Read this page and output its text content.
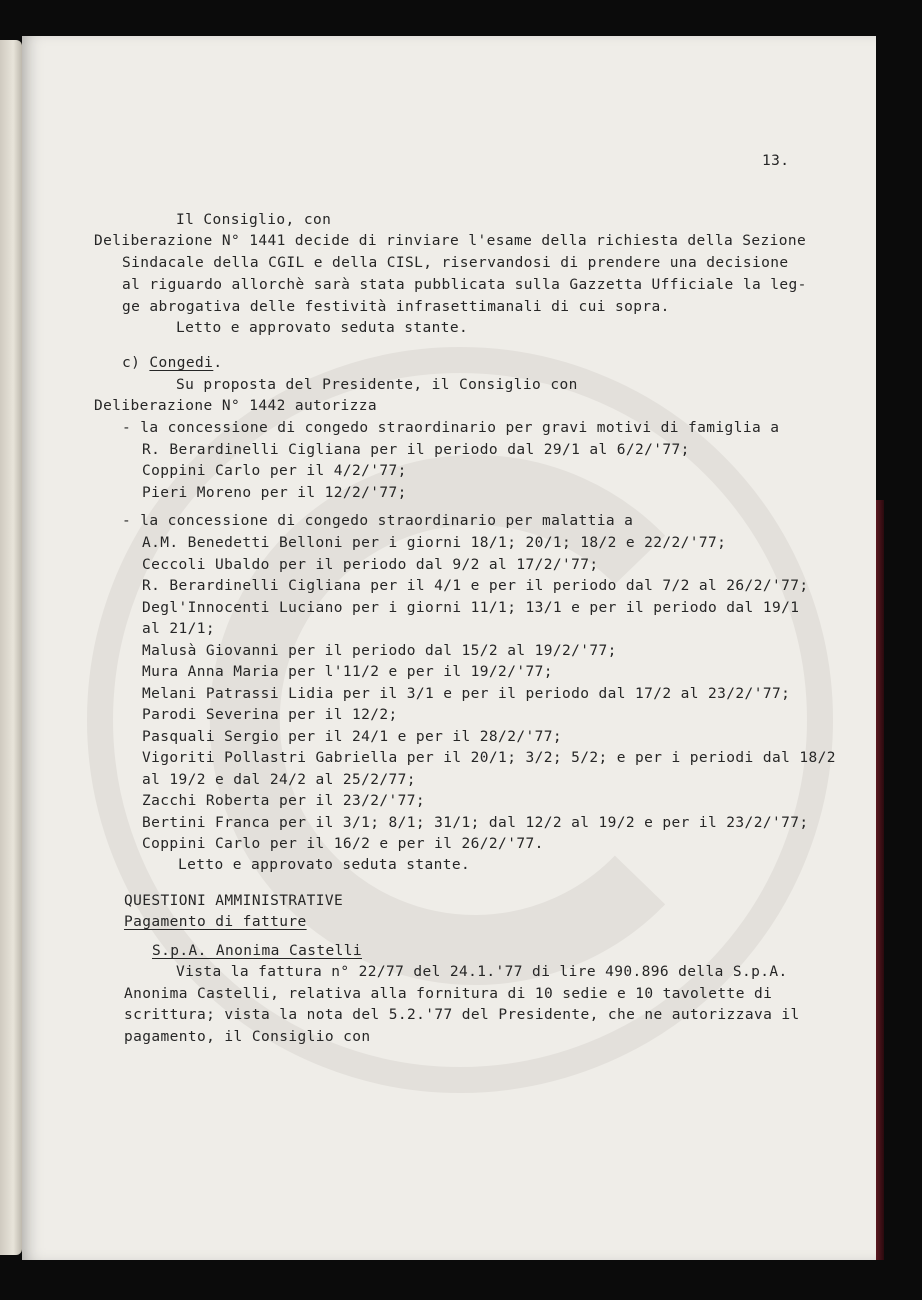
13.
Il Consiglio, con
Deliberazione N° 1441 decide di rinviare l'esame della richiesta della Sezione
Sindacale della CGIL e della CISL, riservandosi di prendere una decisione
al riguardo allorchè sarà stata pubblicata sulla Gazzetta Ufficiale la leg-
ge abrogativa delle festività infrasettimanali di cui sopra.
Letto e approvato seduta stante.
c) Congedi.
Su proposta del Presidente, il Consiglio con
Deliberazione N° 1442 autorizza
- la concessione di congedo straordinario per gravi motivi di famiglia a
R. Berardinelli Cigliana per il periodo dal 29/1 al 6/2/'77;
Coppini Carlo per il 4/2/'77;
Pieri Moreno per il 12/2/'77;
- la concessione di congedo straordinario per malattia a
A.M. Benedetti Belloni per i giorni 18/1; 20/1; 18/2 e 22/2/'77;
Ceccoli Ubaldo per il periodo dal 9/2 al 17/2/'77;
R. Berardinelli Cigliana per il 4/1 e per il periodo dal 7/2 al 26/2/'77;
Degl'Innocenti Luciano per i giorni 11/1; 13/1 e per il periodo dal 19/1
al 21/1;
Malusà Giovanni per il periodo dal 15/2 al 19/2/'77;
Mura Anna Maria per l'11/2 e per il 19/2/'77;
Melani Patrassi Lidia per il 3/1 e per il periodo dal 17/2 al 23/2/'77;
Parodi Severina per il 12/2;
Pasquali Sergio per il 24/1 e per il 28/2/'77;
Vigoriti Pollastri Gabriella per il 20/1; 3/2; 5/2; e per i periodi dal 18/2
al 19/2 e dal 24/2 al 25/2/77;
Zacchi Roberta per il 23/2/'77;
Bertini Franca per il 3/1; 8/1; 31/1; dal 12/2 al 19/2 e per il 23/2/'77;
Coppini Carlo per il 16/2 e per il 26/2/'77.
Letto e approvato seduta stante.
QUESTIONI AMMINISTRATIVE
Pagamento di fatture
S.p.A. Anonima Castelli
Vista la fattura n° 22/77 del 24.1.'77 di lire 490.896 della S.p.A.
Anonima Castelli, relativa alla fornitura di 10 sedie e 10 tavolette di
scrittura; vista la nota del 5.2.'77 del Presidente, che ne autorizzava il
pagamento, il Consiglio con
